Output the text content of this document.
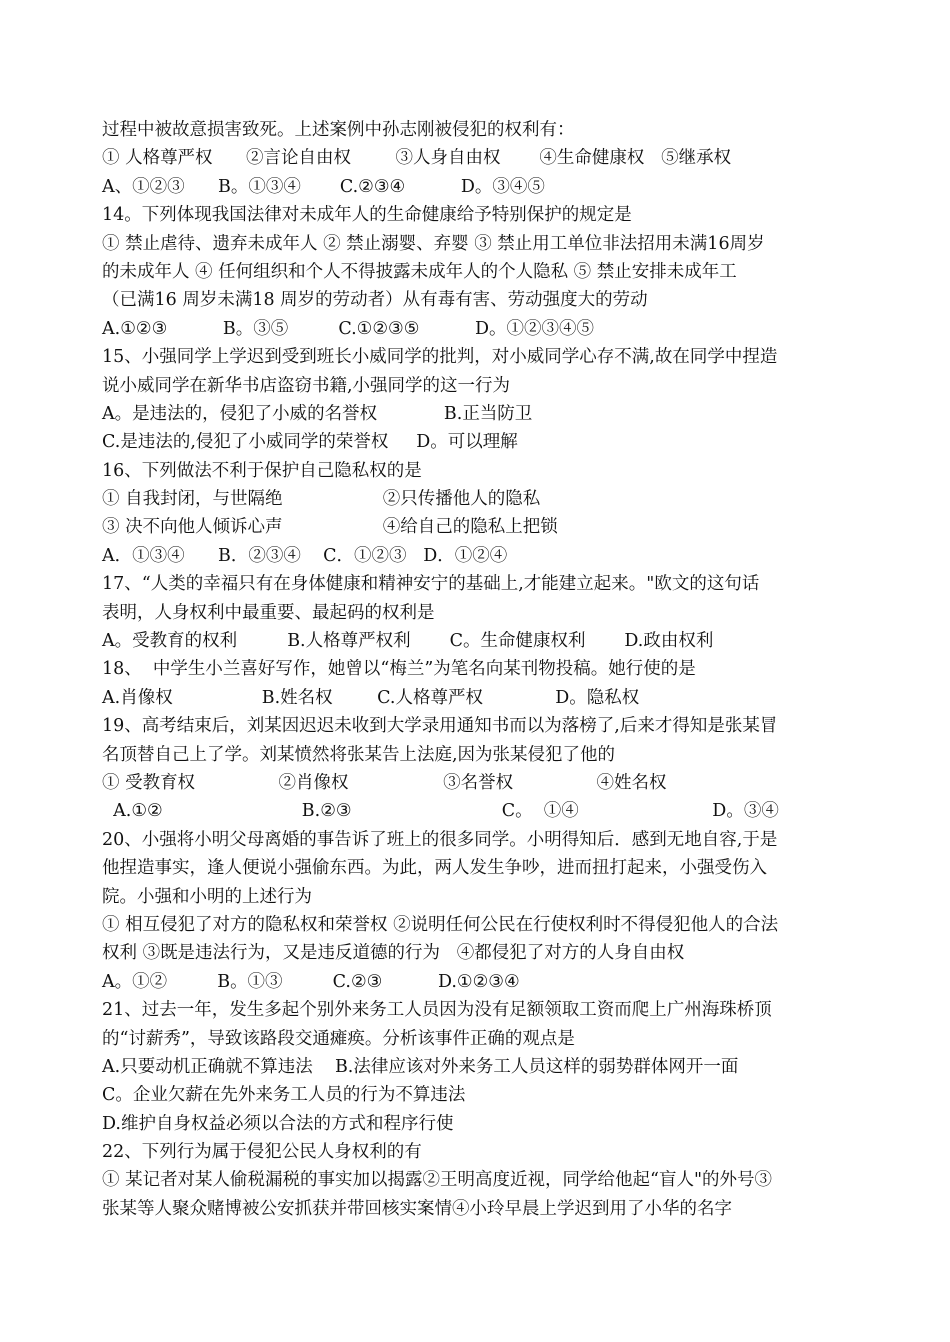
过程中被故意损害致死。上述案例中孙志刚被侵犯的权利有：
① 人格尊严权      ②言论自由权        ③人身自由权       ④生命健康权   ⑤继承权
A、①②③      B。①③④       C.②③④          D。③④⑤
14。下列体现我国法律对未成年人的生命健康给予特别保护的规定是
① 禁止虐待、遗弃未成年人 ② 禁止溺婴、弃婴 ③ 禁止用工单位非法招用未满16周岁
的未成年人 ④ 任何组织和个人不得披露未成年人的个人隐私 ⑤ 禁止安排未成年工
（已满16 周岁未满18 周岁的劳动者）从有毒有害、劳动强度大的劳动
A.①②③          B。③⑤         C.①②③⑤          D。①②③④⑤
15、小强同学上学迟到受到班长小威同学的批判，对小威同学心存不满,故在同学中捏造
说小威同学在新华书店盗窃书籍,小强同学的这一行为
A。是违法的，侵犯了小威的名誉权            B.正当防卫
C.是违法的,侵犯了小威同学的荣誉权     D。可以理解
16、下列做法不利于保护自己隐私权的是
① 自我封闭，与世隔绝                  ②只传播他人的隐私
③ 决不向他人倾诉心声                  ④给自己的隐私上把锁
A．①③④      B．②③④    C．①②③   D．①②④
17、“人类的幸福只有在身体健康和精神安宁的基础上,才能建立起来。"欧文的这句话
表明，人身权利中最重要、最起码的权利是
A。受教育的权利         B.人格尊严权利       C。生命健康权利       D.政由权利
18、  中学生小兰喜好写作，她曾以“梅兰”为笔名向某刊物投稿。她行使的是
A.肖像权                B.姓名权        C.人格尊严权             D。隐私权
19、高考结束后，刘某因迟迟未收到大学录用通知书而以为落榜了,后来才得知是张某冒
名顶替自己上了学。刘某愤然将张某告上法庭,因为张某侵犯了他的
① 受教育权               ②肖像权                 ③名誉权               ④姓名权
A.①②                         B.②③                           C。  ①④                        D。③④
20、小强将小明父母离婚的事告诉了班上的很多同学。小明得知后．感到无地自容,于是
他捏造事实，逢人便说小强偷东西。为此，两人发生争吵，进而扭打起来，小强受伤入
院。小强和小明的上述行为
① 相互侵犯了对方的隐私权和荣誉权 ②说明任何公民在行使权利时不得侵犯他人的合法
权利 ③既是违法行为，又是违反道德的行为   ④都侵犯了对方的人身自由权
A。①②         B。①③         C.②③          D.①②③④
21、过去一年，发生多起个别外来务工人员因为没有足额领取工资而爬上广州海珠桥顶
的“讨薪秀”，导致该路段交通瘫痪。分析该事件正确的观点是
A.只要动机正确就不算违法    B.法律应该对外来务工人员这样的弱势群体网开一面
C。企业欠薪在先外来务工人员的行为不算违法
D.维护自身权益必须以合法的方式和程序行使
22、下列行为属于侵犯公民人身权利的有
① 某记者对某人偷税漏税的事实加以揭露②王明高度近视，同学给他起“盲人"的外号③
张某等人聚众赌博被公安抓获并带回核实案情④小玲早晨上学迟到用了小华的名字
